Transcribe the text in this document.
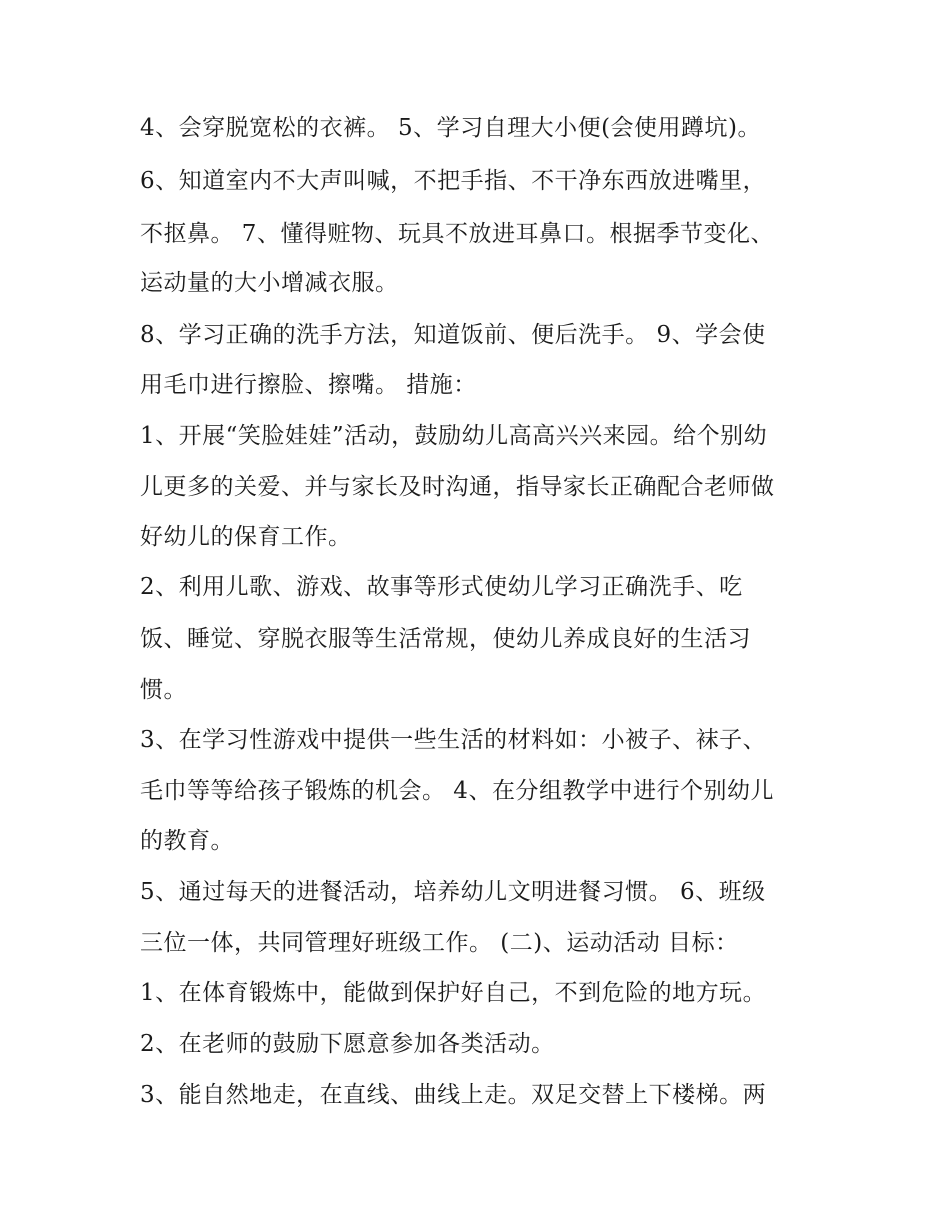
4、会穿脱宽松的衣裤。 5、学习自理大小便(会使用蹲坑)。
6、知道室内不大声叫喊，不把手指、不干净东西放进嘴里，
不抠鼻。 7、懂得赃物、玩具不放进耳鼻口。根据季节变化、
运动量的大小增减衣服。
8、学习正确的洗手方法，知道饭前、便后洗手。 9、学会使
用毛巾进行擦脸、擦嘴。 措施：
1、开展“笑脸娃娃”活动，鼓励幼儿高高兴兴来园。给个别幼
儿更多的关爱、并与家长及时沟通，指导家长正确配合老师做
好幼儿的保育工作。
2、利用儿歌、游戏、故事等形式使幼儿学习正确洗手、吃
饭、睡觉、穿脱衣服等生活常规，使幼儿养成良好的生活习
惯。
3、在学习性游戏中提供一些生活的材料如：小被子、袜子、
毛巾等等给孩子锻炼的机会。 4、在分组教学中进行个别幼儿
的教育。
5、通过每天的进餐活动，培养幼儿文明进餐习惯。 6、班级
三位一体，共同管理好班级工作。 (二)、运动活动 目标：
1、在体育锻炼中，能做到保护好自己，不到危险的地方玩。
2、在老师的鼓励下愿意参加各类活动。
3、能自然地走，在直线、曲线上走。双足交替上下楼梯。两
